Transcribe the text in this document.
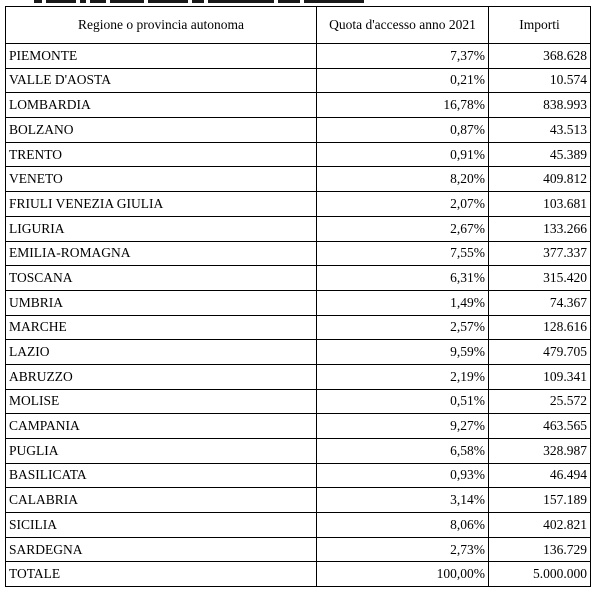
Regione o provincia autonoma	Quota d'accesso anno 2021	Importi
PIEMONTE	7,37%	368.628
VALLE D'AOSTA	0,21%	10.574
LOMBARDIA	16,78%	838.993
BOLZANO	0,87%	43.513
TRENTO	0,91%	45.389
VENETO	8,20%	409.812
FRIULI VENEZIA GIULIA	2,07%	103.681
LIGURIA	2,67%	133.266
EMILIA-ROMAGNA	7,55%	377.337
TOSCANA	6,31%	315.420
UMBRIA	1,49%	74.367
MARCHE	2,57%	128.616
LAZIO	9,59%	479.705
ABRUZZO	2,19%	109.341
MOLISE	0,51%	25.572
CAMPANIA	9,27%	463.565
PUGLIA	6,58%	328.987
BASILICATA	0,93%	46.494
CALABRIA	3,14%	157.189
SICILIA	8,06%	402.821
SARDEGNA	2,73%	136.729
TOTALE	100,00%	5.000.000
